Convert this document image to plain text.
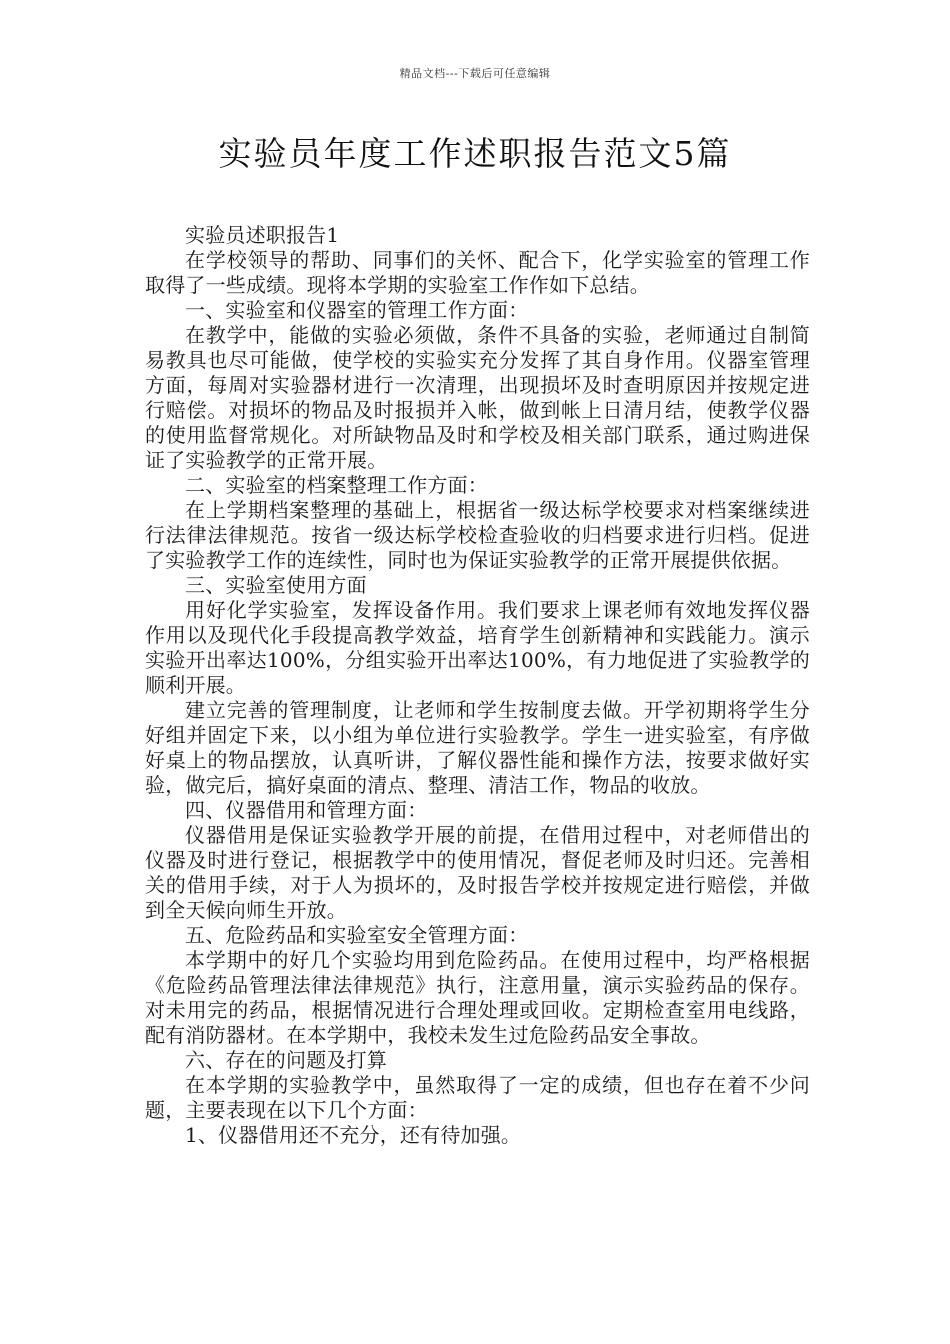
精品文档---下载后可任意编辑
实验员年度工作述职报告范文5篇

实验员述职报告1

在学校领导的帮助、同事们的关怀、配合下，化学实验室的管理工作取得了一些成绩。现将本学期的实验室工作作如下总结。

一、实验室和仪器室的管理工作方面：

在教学中，能做的实验必须做，条件不具备的实验，老师通过自制简易教具也尽可能做，使学校的实验实充分发挥了其自身作用。仪器室管理方面，每周对实验器材进行一次清理，出现损坏及时查明原因并按规定进行赔偿。对损坏的物品及时报损并入帐，做到帐上日清月结，使教学仪器的使用监督常规化。对所缺物品及时和学校及相关部门联系，通过购进保证了实验教学的正常开展。

二、实验室的档案整理工作方面：

在上学期档案整理的基础上，根据省一级达标学校要求对档案继续进行法律法律规范。按省一级达标学校检查验收的归档要求进行归档。促进了实验教学工作的连续性，同时也为保证实验教学的正常开展提供依据。

三、实验室使用方面

用好化学实验室，发挥设备作用。我们要求上课老师有效地发挥仪器作用以及现代化手段提高教学效益，培育学生创新精神和实践能力。演示实验开出率达100%，分组实验开出率达100%，有力地促进了实验教学的顺利开展。

建立完善的管理制度，让老师和学生按制度去做。开学初期将学生分好组并固定下来，以小组为单位进行实验教学。学生一进实验室，有序做好桌上的物品摆放，认真听讲，了解仪器性能和操作方法，按要求做好实验，做完后，搞好桌面的清点、整理、清洁工作，物品的收放。

四、仪器借用和管理方面：

仪器借用是保证实验教学开展的前提，在借用过程中，对老师借出的仪器及时进行登记，根据教学中的使用情况，督促老师及时归还。完善相关的借用手续，对于人为损坏的，及时报告学校并按规定进行赔偿，并做到全天候向师生开放。

五、危险药品和实验室安全管理方面：

本学期中的好几个实验均用到危险药品。在使用过程中，均严格根据《危险药品管理法律法律规范》执行，注意用量，演示实验药品的保存。对未用完的药品，根据情况进行合理处理或回收。定期检查室用电线路，配有消防器材。在本学期中，我校未发生过危险药品安全事故。

六、存在的问题及打算

在本学期的实验教学中，虽然取得了一定的成绩，但也存在着不少问题，主要表现在以下几个方面：

1、仪器借用还不充分，还有待加强。
